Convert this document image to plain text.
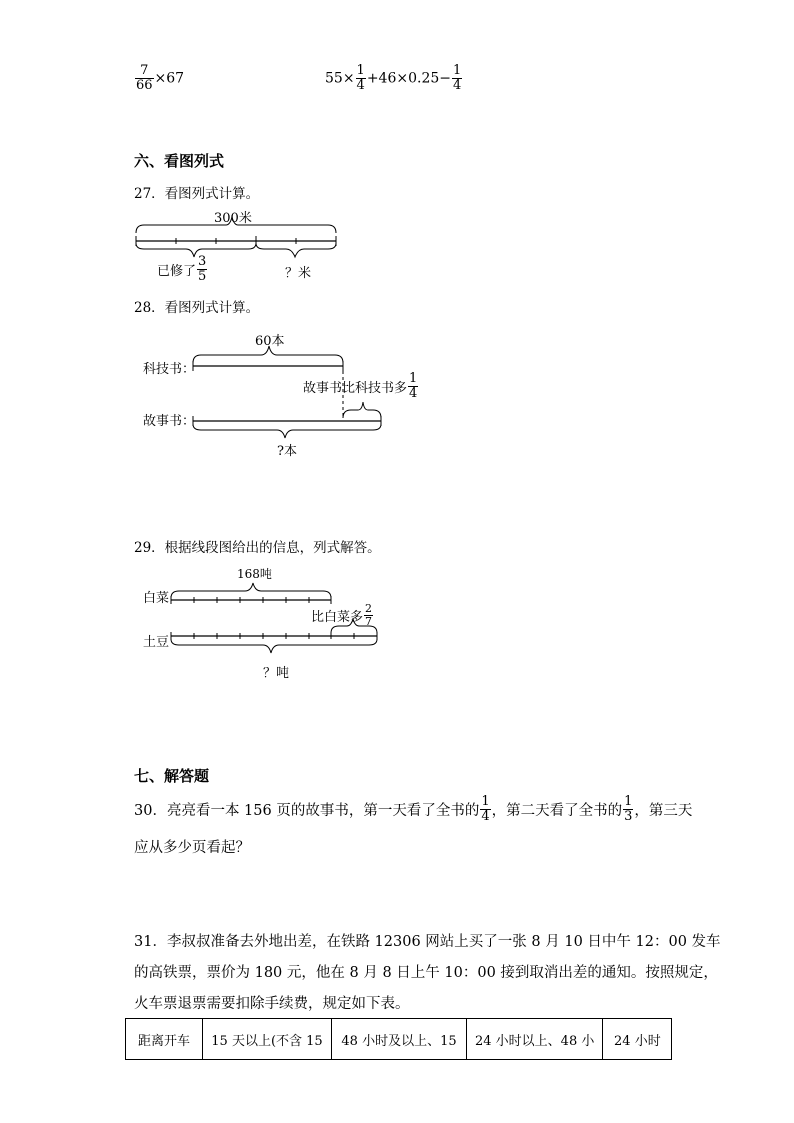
$\frac{7}{66} \times 67$	$55\times \frac{1}{4} +46\times 0.25- \frac{1}{4}$
六、看图列式
27．看图列式计算。
300米
已修了 $\frac{3}{5}$	？米
28．看图列式计算。
科技书：
故事书：
60本
故事书比科技书多 $\frac{1}{4}$
?本
29．根据线段图给出的信息，列式解答。
168吨
白菜
土豆
比白菜多 $\frac{2}{7}$
？吨
七、解答题
30．亮亮看一本 156 页的故事书，第一天看了全书的 $\frac{1}{4}$ ，第二天看了全书的 $\frac{1}{3}$ ，第三天
应从多少页看起？
31．李叔叔准备去外地出差，在铁路 12306 网站上买了一张 8 月 10 日中午 12：00 发车
的高铁票，票价为 180 元，他在 8 月 8 日上午 10：00 接到取消出差的通知。按照规定，
火车票退票需要扣除手续费，规定如下表。
距离开车	15 天以上(不含 15	48 小时及以上、15	24 小时以上、48 小	24 小时
